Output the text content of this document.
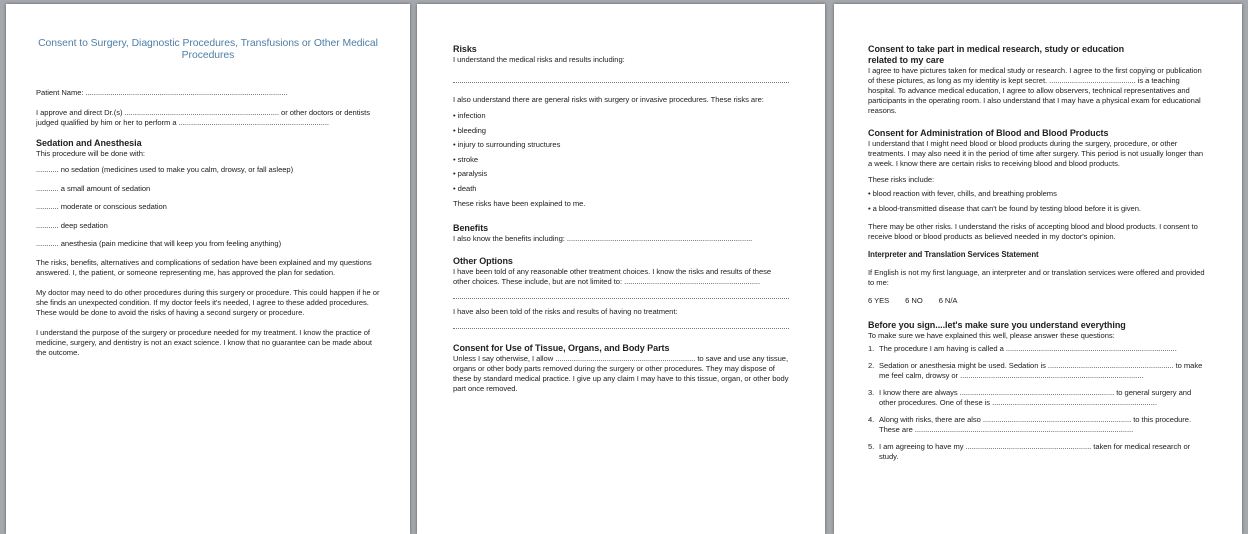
Consent to Surgery, Diagnostic Procedures, Transfusions or Other Medical Procedures

Patient Name: ..................................................................................................

I approve and direct Dr.(s) ........................................................................... or other doctors or dentists judged qualified by him or her to perform a .........................................................................

Sedation and Anesthesia

This procedure will be done with:

........... no sedation (medicines used to make you calm, drowsy, or fall asleep)
........... a small amount of sedation
........... moderate or conscious sedation
........... deep sedation
........... anesthesia (pain medicine that will keep you from feeling anything)

The risks, benefits, alternatives and complications of sedation have been explained and my questions answered. I, the patient, or someone representing me, has approved the plan for sedation.

My doctor may need to do other procedures during this surgery or procedure. This could happen if he or she finds an unexpected condition. If my doctor feels it's needed, I agree to these added procedures. These would be done to avoid the risks of having a second surgery or procedure.

I understand the purpose of the surgery or procedure needed for my treatment. I know the practice of medicine, surgery, and dentistry is not an exact science. I know that no guarantee can be made about the outcome.

Risks

I understand the medical risks and results including:

I also understand there are general risks with surgery or invasive procedures. These risks are:

• infection
• bleeding
• injury to surrounding structures
• stroke
• paralysis
• death

These risks have been explained to me.

Benefits

I also know the benefits including: ..........................................................................................

Other Options

I have been told of any reasonable other treatment choices. I know the risks and results of these other choices. These include, but are not limited to: ..................................................................

I have also been told of the risks and results of having no treatment:

Consent for Use of Tissue, Organs, and Body Parts

Unless I say otherwise, I allow .................................................................... to save and use any tissue, organs or other body parts removed during the surgery or other procedures. They may dispose of these by standard medical practice. I give up any claim I may have to this tissue, organ, or other body part once removed.

Consent to take part in medical research, study or education
related to my care

I agree to have pictures taken for medical study or research. I agree to the first copying or publication of these pictures, as long as my identity is kept secret. .......................................... is a teaching hospital. To advance medical education, I agree to allow observers, technical representatives and participants in the operating room. I also understand that I may have a physical exam for educational reasons.

Consent for Administration of Blood and Blood Products

I understand that I might need blood or blood products during the surgery, procedure, or other treatments. I may also need it in the period of time after surgery. This period is not usually longer than a week. I know there are certain risks to receiving blood and blood products.

These risks include:

• blood reaction with fever, chills, and breathing problems
• a blood-transmitted disease that can't be found by testing blood before it is given.

There may be other risks. I understand the risks of accepting blood and blood products. I consent to receive blood or blood products as believed needed in my doctor's opinion.

Interpreter and Translation Services Statement

If English is not my first language, an interpreter and or translation services were offered and provided to me:

6 YES 6 NO 6 N/A
Before you sign....let's make sure you understand everything

To make sure we have explained this well, please answer these questions:

1. The procedure I am having is called a ...................................................................................
2. Sedation or anesthesia might be used. Sedation is ............................................................. to make me feel calm, drowsy or .........................................................................................
3. I know there are always ........................................................................... to general surgery and other procedures. One of these is ................................................................................
4. Along with risks, there are also ........................................................................ to this procedure. These are ..........................................................................................................
5. I am agreeing to have my ............................................................. taken for medical research or study.
